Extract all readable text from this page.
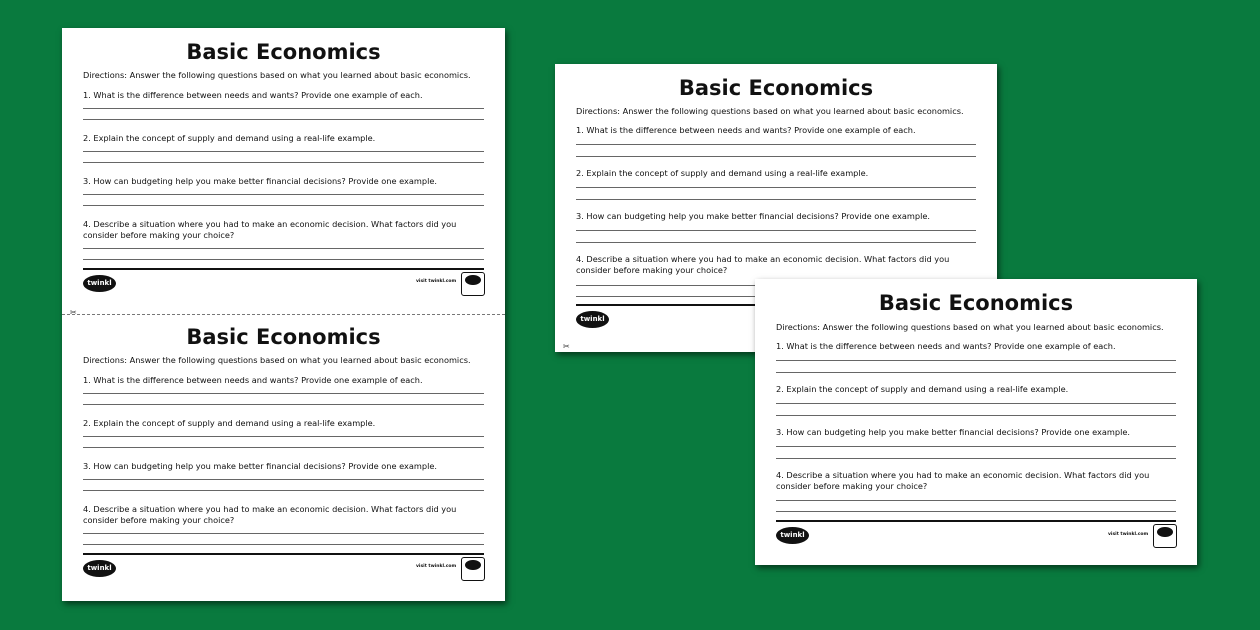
Basic Economics
Directions: Answer the following questions based on what you learned about basic economics.
1. What is the difference between needs and wants? Provide one example of each.
2. Explain the concept of supply and demand using a real-life example.
3. How can budgeting help you make better financial decisions? Provide one example.
4. Describe a situation where you had to make an economic decision. What factors did you consider before making your choice?
twinkl	visit twinkl.com
✂
Basic Economics
Directions: Answer the following questions based on what you learned about basic economics.
1. What is the difference between needs and wants? Provide one example of each.
2. Explain the concept of supply and demand using a real-life example.
3. How can budgeting help you make better financial decisions? Provide one example.
4. Describe a situation where you had to make an economic decision. What factors did you consider before making your choice?
twinkl	visit twinkl.com
Basic Economics
Directions: Answer the following questions based on what you learned about basic economics.
1. What is the difference between needs and wants? Provide one example of each.
2. Explain the concept of supply and demand using a real-life example.
3. How can budgeting help you make better financial decisions? Provide one example.
4. Describe a situation where you had to make an economic decision. What factors did you consider before making your choice?
twinkl
✂
Basic Economics
Directions: Answer the following questions based on what you learned about basic economics.
1. What is the difference between needs and wants? Provide one example of each.
2. Explain the concept of supply and demand using a real-life example.
3. How can budgeting help you make better financial decisions? Provide one example.
4. Describe a situation where you had to make an economic decision. What factors did you consider before making your choice?
twinkl	visit twinkl.com
